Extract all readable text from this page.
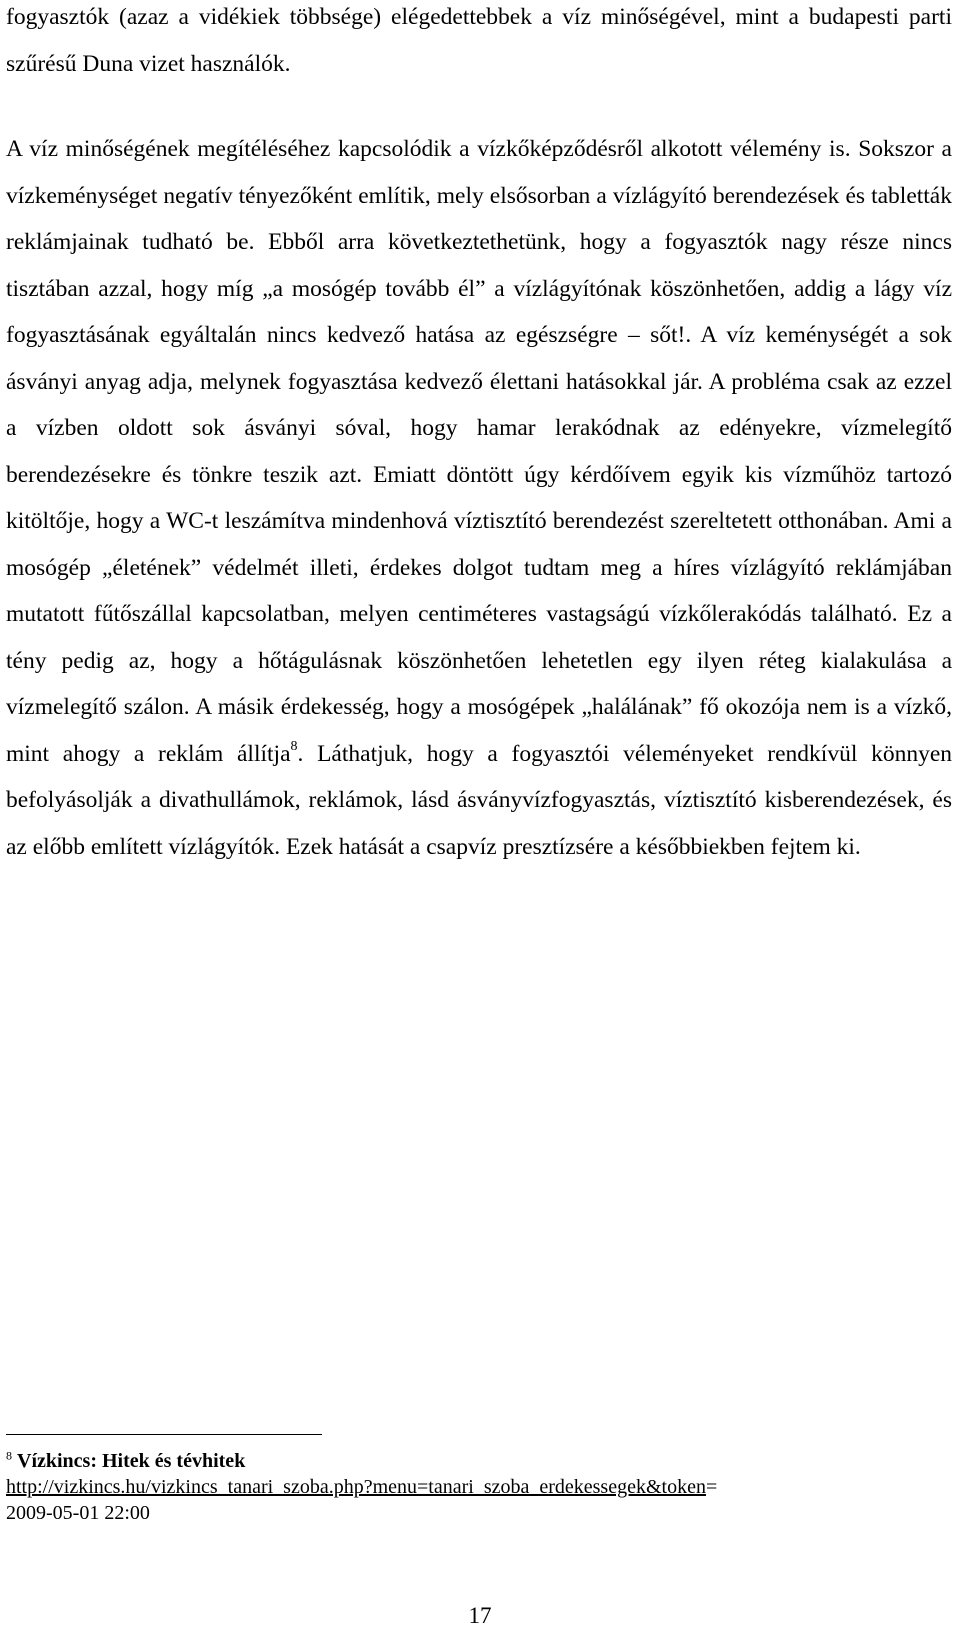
fogyasztók (azaz a vidékiek többsége) elégedettebbek a víz minőségével, mint a budapesti parti szűrésű Duna vizet használók.

A víz minőségének megítéléséhez kapcsolódik a vízkőképződésről alkotott vélemény is. Sokszor a vízkeménységet negatív tényezőként említik, mely elsősorban a vízlágyító berendezések és tabletták reklámjainak tudható be. Ebből arra következtethetünk, hogy a fogyasztók nagy része nincs tisztában azzal, hogy míg „a mosógép tovább él” a vízlágyítónak köszönhetően, addig a lágy víz fogyasztásának egyáltalán nincs kedvező hatása az egészségre – sőt!. A víz keménységét a sok ásványi anyag adja, melynek fogyasztása kedvező élettani hatásokkal jár. A probléma csak az ezzel a vízben oldott sok ásványi sóval, hogy hamar lerakódnak az edényekre, vízmelegítő berendezésekre és tönkre teszik azt. Emiatt döntött úgy kérdőívem egyik kis vízműhöz tartozó kitöltője, hogy a WC-t leszámítva mindenhová víztisztító berendezést szereltetett otthonában. Ami a mosógép „életének” védelmét illeti, érdekes dolgot tudtam meg a híres vízlágyító reklámjában mutatott fűtőszállal kapcsolatban, melyen centiméteres vastagságú vízkőlerakódás található. Ez a tény pedig az, hogy a hőtágulásnak köszönhetően lehetetlen egy ilyen réteg kialakulása a vízmelegítő szálon. A másik érdekesség, hogy a mosógépek „halálának” fő okozója nem is a vízkő, mint ahogy a reklám állítja$^8$. Láthatjuk, hogy a fogyasztói véleményeket rendkívül könnyen befolyásolják a divathullámok, reklámok, lásd ásványvízfogyasztás, víztisztító kisberendezések, és az előbb említett vízlágyítók. Ezek hatását a csapvíz presztízsére a későbbiekben fejtem ki.

$^8$ Vízkincs: Hitek és tévhitek
http://vizkincs.hu/vizkincs_tanari_szoba.php?menu=tanari_szoba_erdekessegek&token=
2009-05-01 22:00
17
